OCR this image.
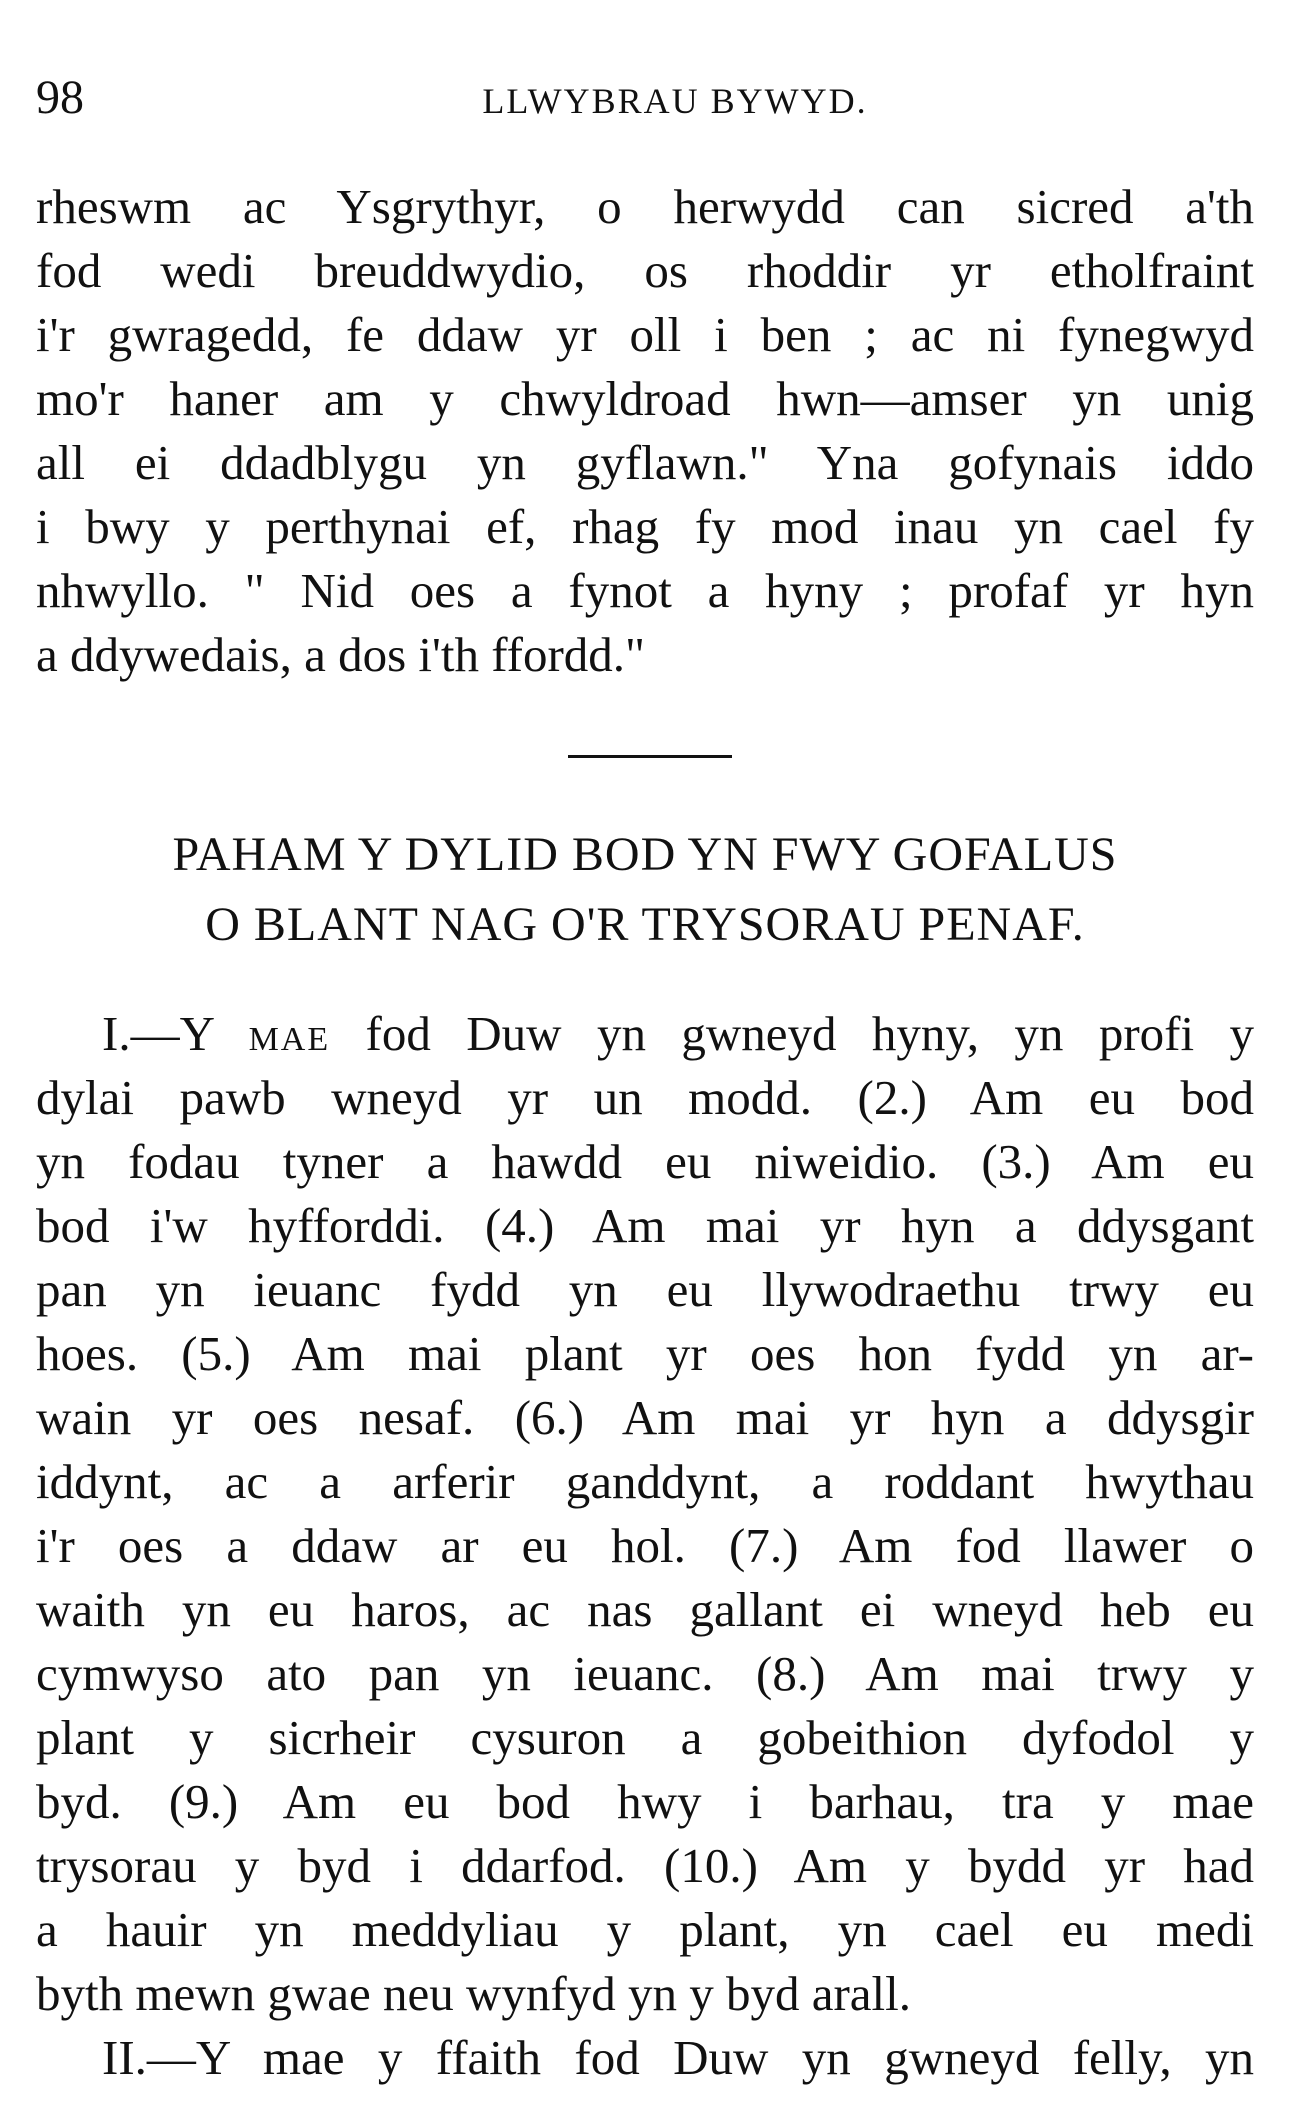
98	LLWYBRAU BYWYD.
rheswm ac Ysgrythyr, o herwydd can sicred a'th
fod wedi breuddwydio, os rhoddir yr etholfraint
i'r gwragedd, fe ddaw yr oll i ben ; ac ni fynegwyd
mo'r haner am y chwyldroad hwn—amser yn unig
all ei ddadblygu yn gyflawn." Yna gofynais iddo
i bwy y perthynai ef, rhag fy mod inau yn cael fy
nhwyllo. " Nid oes a fynot a hyny ; profaf yr hyn
a ddywedais, a dos i'th ffordd."
PAHAM Y DYLID BOD YN FWY GOFALUS
O BLANT NAG O'R TRYSORAU PENAF.
I.—Y MAE fod Duw yn gwneyd hyny, yn profi y
dylai pawb wneyd yr un modd. (2.) Am eu bod
yn fodau tyner a hawdd eu niweidio. (3.) Am eu
bod i'w hyfforddi. (4.) Am mai yr hyn a ddysgant
pan yn ieuanc fydd yn eu llywodraethu trwy eu
hoes. (5.) Am mai plant yr oes hon fydd yn ar-
wain yr oes nesaf. (6.) Am mai yr hyn a ddysgir
iddynt, ac a arferir ganddynt, a roddant hwythau
i'r oes a ddaw ar eu hol. (7.) Am fod llawer o
waith yn eu haros, ac nas gallant ei wneyd heb eu
cymwyso ato pan yn ieuanc. (8.) Am mai trwy y
plant y sicrheir cysuron a gobeithion dyfodol y
byd. (9.) Am eu bod hwy i barhau, tra y mae
trysorau y byd i ddarfod. (10.) Am y bydd yr had
a hauir yn meddyliau y plant, yn cael eu medi
byth mewn gwae neu wynfyd yn y byd arall.
II.—Y mae y ffaith fod Duw yn gwneyd felly, yn
